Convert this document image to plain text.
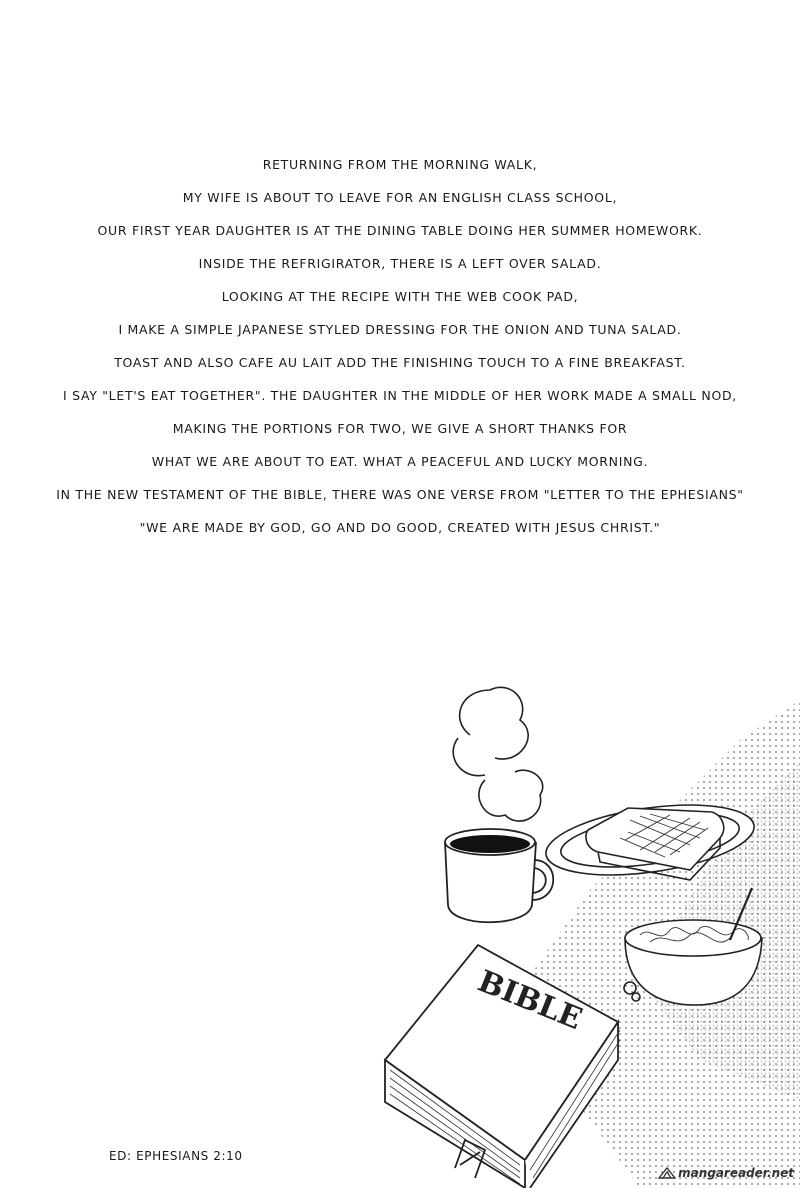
RETURNING FROM THE MORNING WALK,
MY WIFE IS ABOUT TO LEAVE FOR AN ENGLISH CLASS SCHOOL,
OUR FIRST YEAR DAUGHTER IS AT THE DINING TABLE DOING HER SUMMER HOMEWORK.
INSIDE THE REFRIGIRATOR, THERE IS A LEFT OVER SALAD.
LOOKING AT THE RECIPE WITH THE WEB COOK PAD,
I MAKE A SIMPLE JAPANESE STYLED DRESSING FOR THE ONION AND TUNA SALAD.
TOAST AND ALSO CAFE AU LAIT ADD THE FINISHING TOUCH TO A FINE BREAKFAST.
I SAY "LET'S EAT TOGETHER". THE DAUGHTER IN THE MIDDLE OF HER WORK MADE A SMALL NOD,
MAKING THE PORTIONS FOR TWO, WE GIVE A SHORT THANKS FOR
WHAT WE ARE ABOUT TO EAT. WHAT A PEACEFUL AND LUCKY MORNING.
IN THE NEW TESTAMENT OF THE BIBLE, THERE WAS ONE VERSE FROM "LETTER TO THE EPHESIANS"
"WE ARE MADE BY GOD, GO AND DO GOOD, CREATED WITH JESUS CHRIST."
BIBLE
ED: EPHESIANS 2:10
mangareader.net
